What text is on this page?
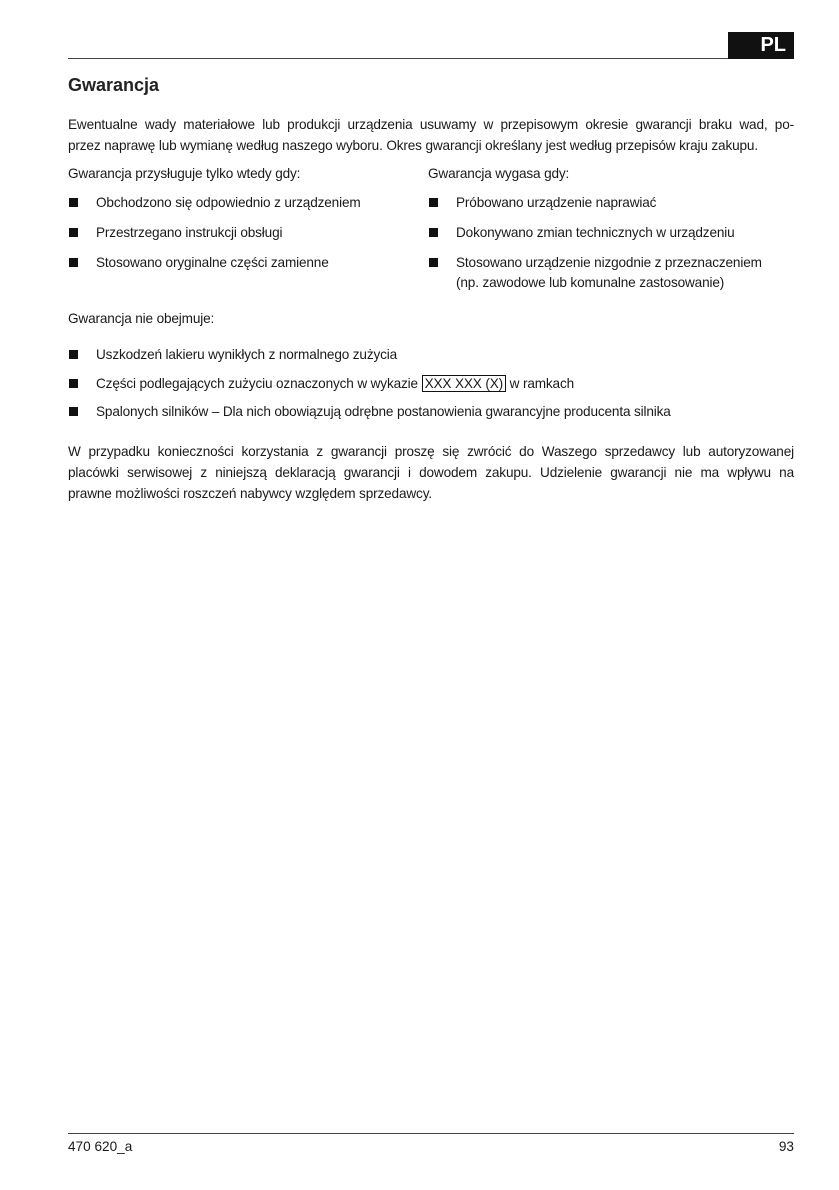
PL
Gwarancja
Ewentualne wady materiałowe lub produkcji urządzenia usuwamy w przepisowym okresie gwarancji braku wad, po-
przez naprawę lub wymianę według naszego wyboru. Okres gwarancji określany jest według przepisów kraju zakupu.
Gwarancja przysługuje tylko wtedy gdy:
Obchodzono się odpowiednio z urządzeniem
Przestrzegano instrukcji obsługi
Stosowano oryginalne części zamienne
Gwarancja wygasa gdy:
Próbowano urządzenie naprawiać
Dokonywano zmian technicznych w urządzeniu
Stosowano urządzenie nizgodnie z przeznaczeniem
(np. zawodowe lub komunalne zastosowanie)
Gwarancja nie obejmuje:
Uszkodzeń lakieru wynikłych z normalnego zużycia
Części podlegających zużyciu oznaczonych w wykazie XXX XXX (X) w ramkach
Spalonych silników – Dla nich obowiązują odrębne postanowienia gwarancyjne producenta silnika
W przypadku konieczności korzystania z gwarancji proszę się zwrócić do Waszego sprzedawcy lub autoryzowanej
placówki serwisowej z niniejszą deklaracją gwarancji i dowodem zakupu. Udzielenie gwarancji nie ma wpływu na
prawne możliwości roszczeń nabywcy względem sprzedawcy.
470 620_a	93
